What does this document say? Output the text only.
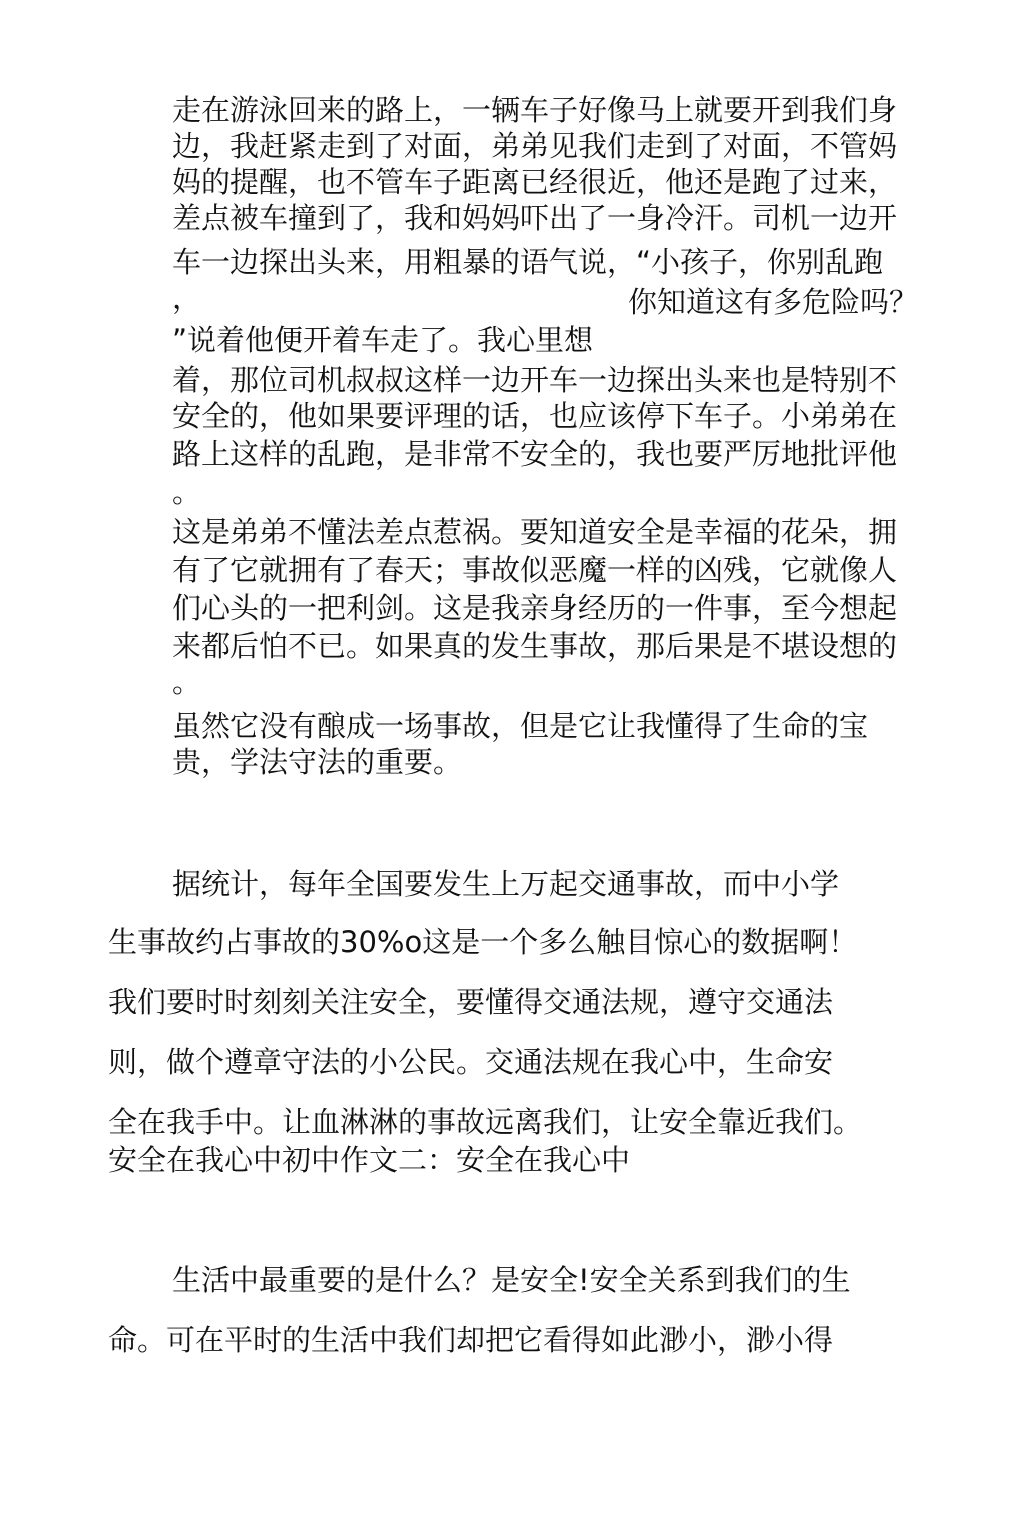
走在游泳回来的路上，一辆车子好像马上就要开到我们身
边，我赶紧走到了对面，弟弟见我们走到了对面，不管妈
妈的提醒，也不管车子距离已经很近，他还是跑了过来，
差点被车撞到了，我和妈妈吓出了一身冷汗。司机一边开
车一边探出头来，用粗暴的语气说，“小孩子，你别乱跑
，	你知道这有多危险吗？
”说着他便开着车走了。我心里想
着，那位司机叔叔这样一边开车一边探出头来也是特别不
安全的，他如果要评理的话，也应该停下车子。小弟弟在
路上这样的乱跑，是非常不安全的，我也要严厉地批评他
。
这是弟弟不懂法差点惹祸。要知道安全是幸福的花朵，拥
有了它就拥有了春天；事故似恶魔一样的凶残，它就像人
们心头的一把利剑。这是我亲身经历的一件事，至今想起
来都后怕不已。如果真的发生事故，那后果是不堪设想的
。
虽然它没有酿成一场事故，但是它让我懂得了生命的宝
贵，学法守法的重要。
据统计，每年全国要发生上万起交通事故，而中小学
生事故约占事故的30%o这是一个多么触目惊心的数据啊！
我们要时时刻刻关注安全，要懂得交通法规，遵守交通法
则，做个遵章守法的小公民。交通法规在我心中，生命安
全在我手中。让血淋淋的事故远离我们，让安全靠近我们。
安全在我心中初中作文二：安全在我心中
生活中最重要的是什么？是安全!安全关系到我们的生
命。可在平时的生活中我们却把它看得如此渺小，渺小得
